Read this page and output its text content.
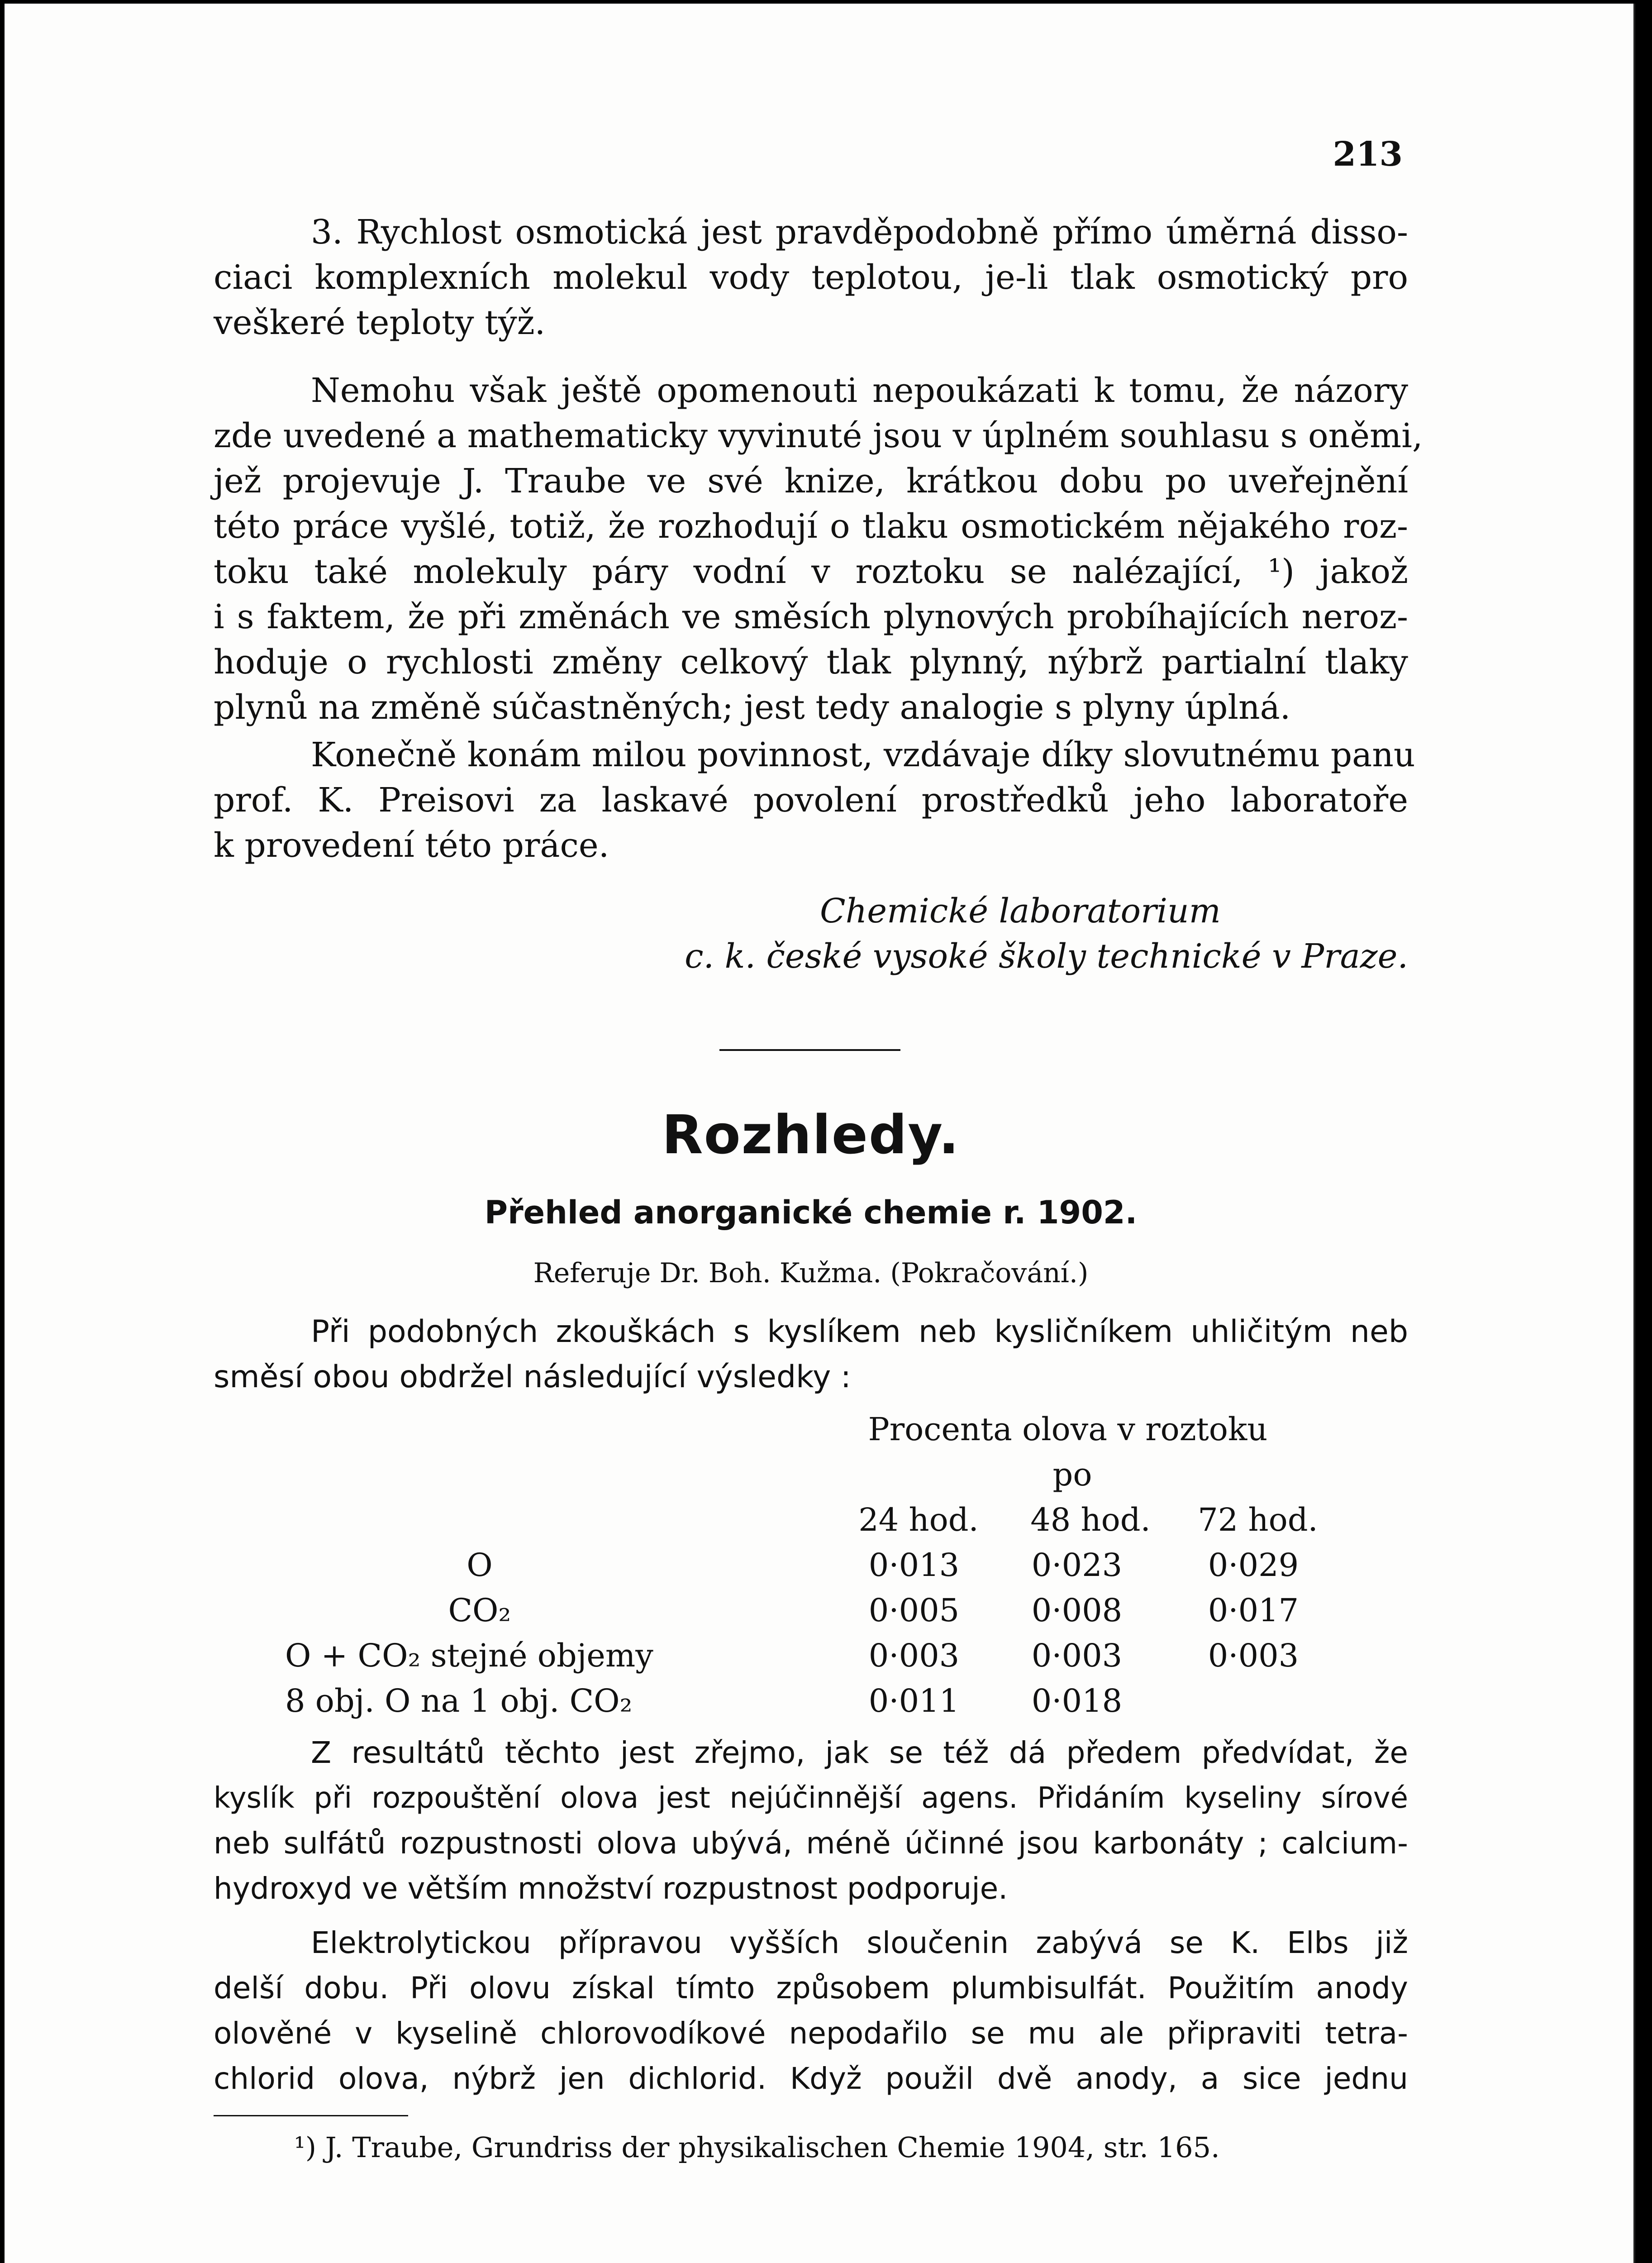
213
3. Rychlost osmotická jest pravděpodobně přímo úměrná disso-
ciaci komplexních molekul vody teplotou, je-li tlak osmotický pro
veškeré teploty týž.
Nemohu však ještě opomenouti nepoukázati k tomu, že názory
zde uvedené a mathematicky vyvinuté jsou v úplném souhlasu s oněmi,
jež projevuje J. Traube ve své knize, krátkou dobu po uveřejnění
této práce vyšlé, totiž, že rozhodují o tlaku osmotickém nějakého roz-
toku také molekuly páry vodní v roztoku se nalézající, ¹) jakož
i s faktem, že při změnách ve směsích plynových probíhajících neroz-
hoduje o rychlosti změny celkový tlak plynný, nýbrž partialní tlaky
plynů na změně súčastněných; jest tedy analogie s plyny úplná.
Konečně konám milou povinnost, vzdávaje díky slovutnému panu
prof. K. Preisovi za laskavé povolení prostředků jeho laboratoře
k provedení této práce.
Chemické laboratorium
c. k. české vysoké školy technické v Praze.
Rozhledy.
Přehled anorganické chemie r. 1902.
Referuje Dr. Boh. Kužma. (Pokračování.)
Při podobných zkouškách s kyslíkem neb kysličníkem uhličitým neb
směsí obou obdržel následující výsledky :
Procenta olova v roztoku
po
24 hod.	48 hod.	72 hod.
O	0·013	0·023	0·029
CO₂	0·005	0·008	0·017
O + CO₂ stejné objemy	0·003	0·003	0·003
8 obj. O na 1 obj. CO₂	0·011	0·018
Z resultátů těchto jest zřejmo, jak se též dá předem předvídat, že
kyslík při rozpouštění olova jest nejúčinnější agens. Přidáním kyseliny sírové
neb sulfátů rozpustnosti olova ubývá, méně účinné jsou karbonáty ; calcium-
hydroxyd ve větším množství rozpustnost podporuje.
Elektrolytickou přípravou vyšších sloučenin zabývá se K. Elbs již
delší dobu. Při olovu získal tímto způsobem plumbisulfát. Použitím anody
olověné v kyselině chlorovodíkové nepodařilo se mu ale připraviti tetra-
chlorid olova, nýbrž jen dichlorid. Když použil dvě anody, a sice jednu
¹) J. Traube, Grundriss der physikalischen Chemie 1904, str. 165.
